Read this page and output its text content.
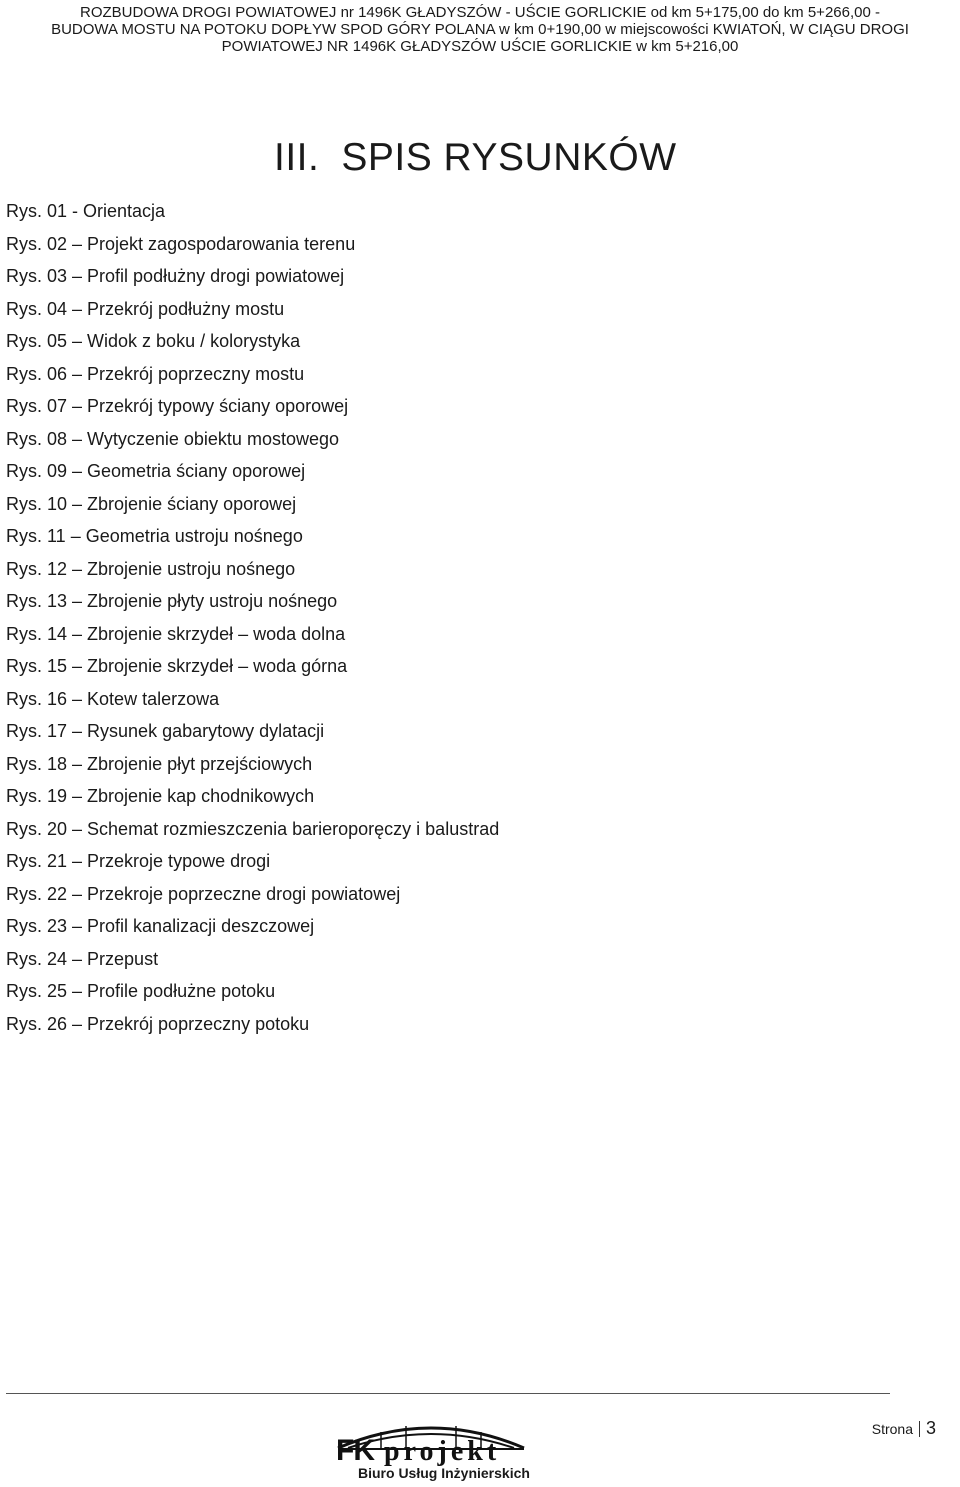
ROZBUDOWA DROGI POWIATOWEJ nr 1496K GŁADYSZÓW - UŚCIE GORLICKIE od km 5+175,00 do km 5+266,00 -
BUDOWA MOSTU NA POTOKU DOPŁYW SPOD GÓRY POLANA w km 0+190,00 w miejscowości KWIATOŃ, W CIĄGU DROGI
POWIATOWEJ NR 1496K GŁADYSZÓW UŚCIE GORLICKIE w km 5+216,00
III. SPIS RYSUNKÓW
Rys. 01 - Orientacja
Rys. 02 – Projekt zagospodarowania terenu
Rys. 03 – Profil podłużny drogi powiatowej
Rys. 04 – Przekrój podłużny mostu
Rys. 05 – Widok z boku / kolorystyka
Rys. 06 – Przekrój poprzeczny mostu
Rys. 07 – Przekrój typowy ściany oporowej
Rys. 08 – Wytyczenie obiektu mostowego
Rys. 09 – Geometria ściany oporowej
Rys. 10 – Zbrojenie ściany oporowej
Rys. 11 – Geometria ustroju nośnego
Rys. 12 – Zbrojenie ustroju nośnego
Rys. 13 – Zbrojenie płyty ustroju nośnego
Rys. 14 – Zbrojenie skrzydeł – woda dolna
Rys. 15 – Zbrojenie skrzydeł – woda górna
Rys. 16 – Kotew talerzowa
Rys. 17 – Rysunek gabarytowy dylatacji
Rys. 18 – Zbrojenie płyt przejściowych
Rys. 19 – Zbrojenie kap chodnikowych
Rys. 20 – Schemat rozmieszczenia barieroporęczy i balustrad
Rys. 21 – Przekroje typowe drogi
Rys. 22 – Przekroje poprzeczne drogi powiatowej
Rys. 23 – Profil kanalizacji deszczowej
Rys. 24 – Przepust
Rys. 25 – Profile podłużne potoku
Rys. 26 – Przekrój poprzeczny potoku
FK projekt
Biuro Usług Inżynierskich
Strona 3
